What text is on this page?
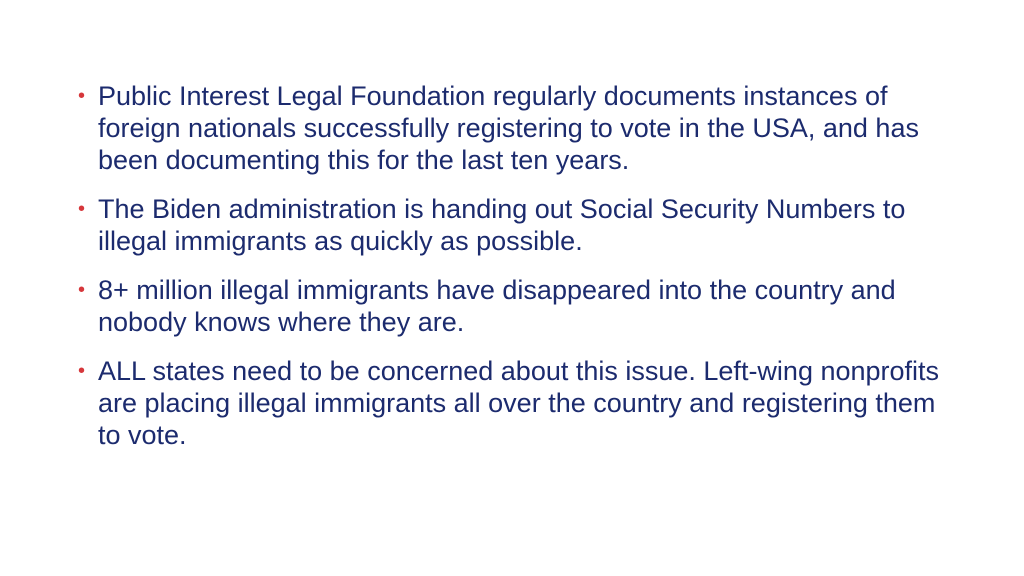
• Public Interest Legal Foundation regularly documents instances of foreign nationals successfully registering to vote in the USA, and has been documenting this for the last ten years.
• The Biden administration is handing out Social Security Numbers to illegal immigrants as quickly as possible.
• 8+ million illegal immigrants have disappeared into the country and nobody knows where they are.
• ALL states need to be concerned about this issue. Left-wing nonprofits are placing illegal immigrants all over the country and registering them to vote.
